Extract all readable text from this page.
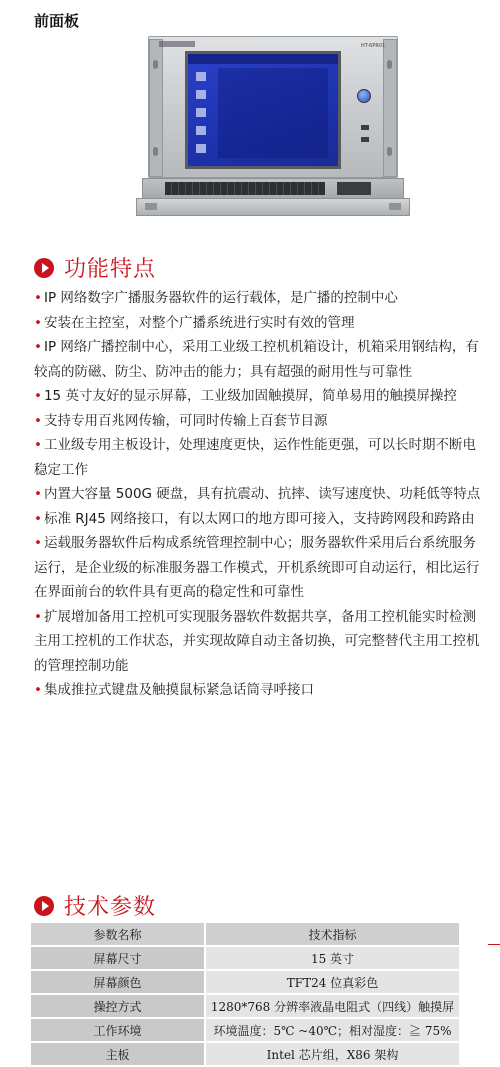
前面板
HT-6PR01
功能特点
• IP 网络数字广播服务器软件的运行载体，是广播的控制中心
• 安装在主控室，对整个广播系统进行实时有效的管理
• IP 网络广播控制中心，采用工业级工控机机箱设计，机箱采用钢结构，有较高的防磁、防尘、防冲击的能力；具有超强的耐用性与可靠性
• 15 英寸友好的显示屏幕，工业级加固触摸屏，简单易用的触摸屏操控
• 支持专用百兆网传输，可同时传输上百套节目源
• 工业级专用主板设计，处理速度更快，运作性能更强，可以长时期不断电稳定工作
• 内置大容量 500G 硬盘，具有抗震动、抗摔、读写速度快、功耗低等特点
• 标准 RJ45 网络接口，有以太网口的地方即可接入，支持跨网段和跨路由
• 运载服务器软件后构成系统管理控制中心；服务器软件采用后台系统服务运行，是企业级的标准服务器工作模式，开机系统即可自动运行，相比运行在界面前台的软件具有更高的稳定性和可靠性
• 扩展增加备用工控机可实现服务器软件数据共享，备用工控机能实时检测主用工控机的工作状态，并实现故障自动主备切换，可完整替代主用工控机的管理控制功能
• 集成推拉式键盘及触摸鼠标紧急话筒寻呼接口
技术参数
参数名称	技术指标
屏幕尺寸	15 英寸
屏幕颜色	TFT24 位真彩色
操控方式	1280*768 分辨率液晶电阻式（四线）触摸屏
工作环境	环境温度：5℃ ~40℃；相对湿度：≧ 75%
主板	Intel 芯片组，X86 架构
